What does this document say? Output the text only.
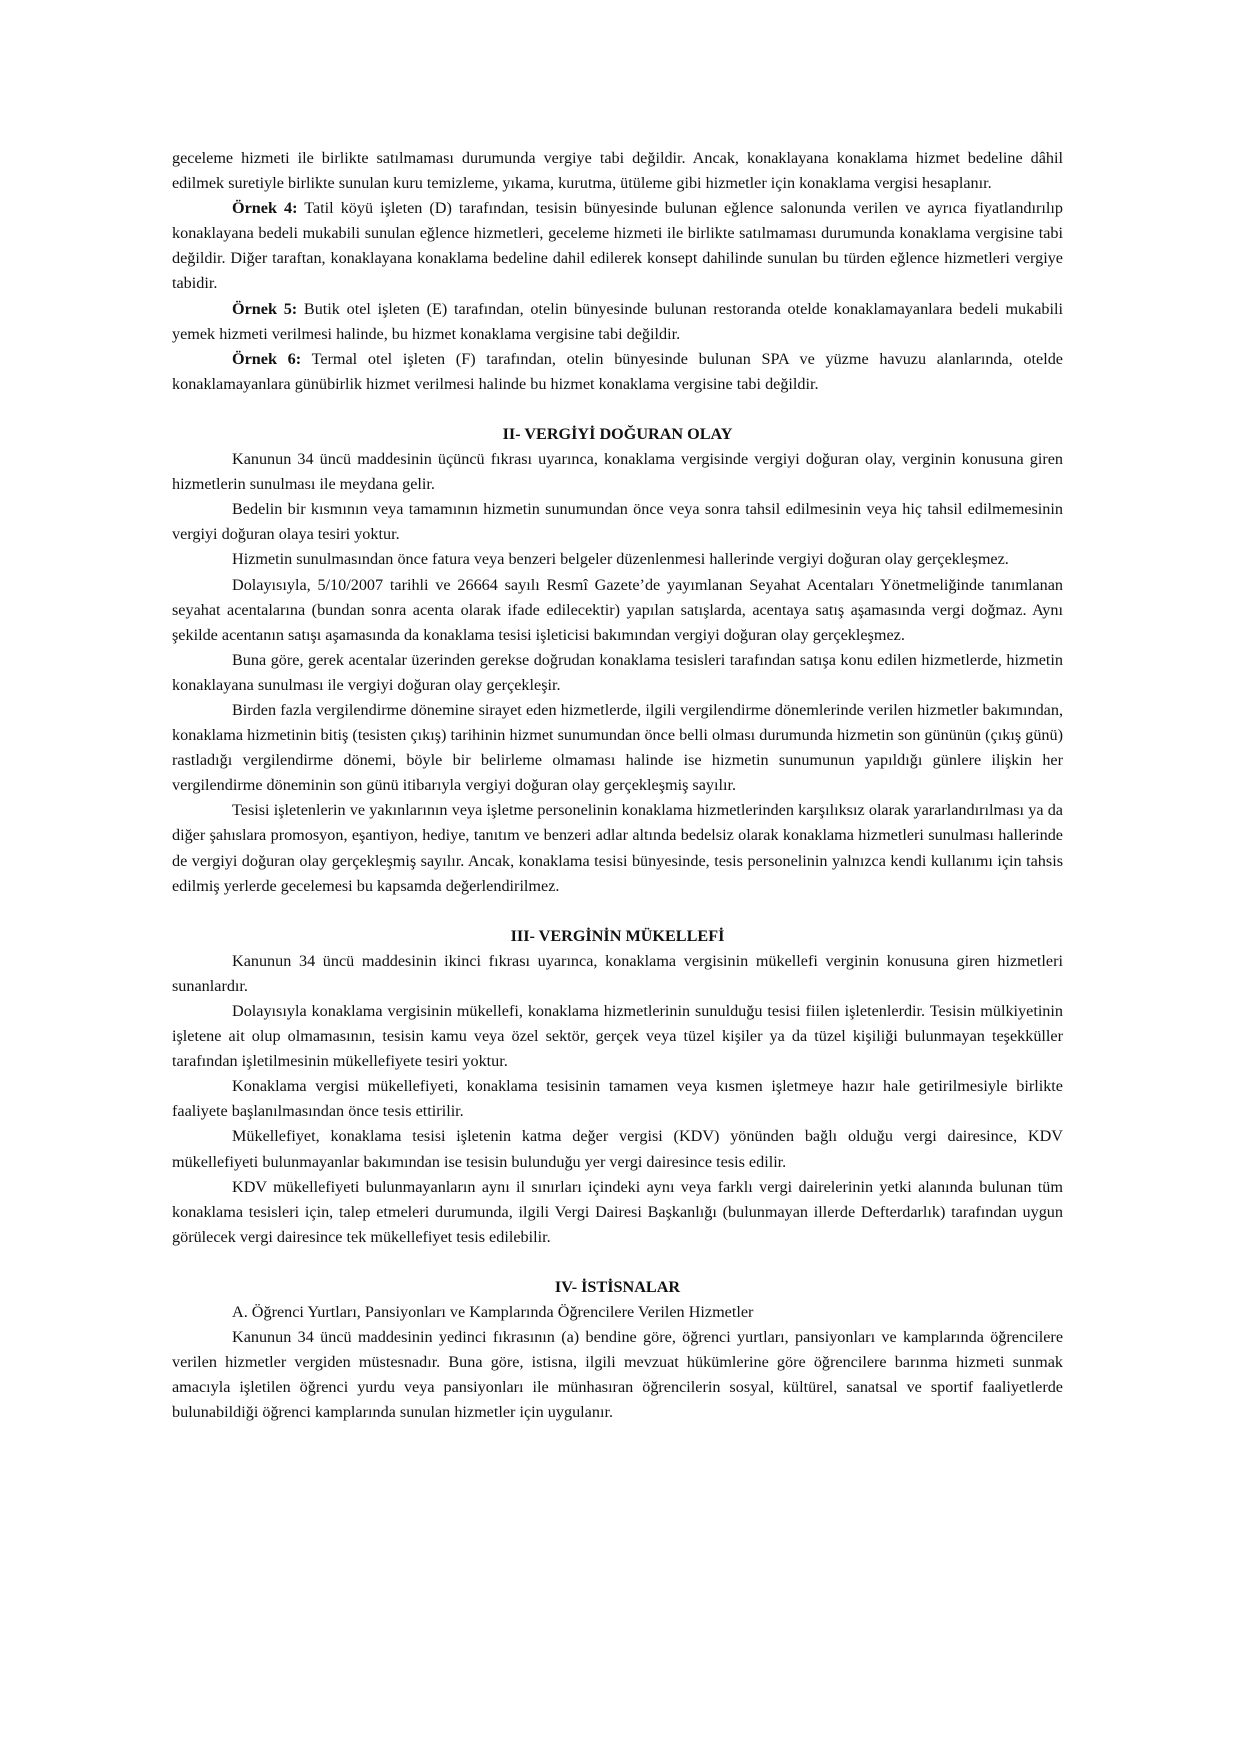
geceleme hizmeti ile birlikte satılmaması durumunda vergiye tabi değildir. Ancak, konaklayana konaklama hizmet bedeline dâhil edilmek suretiyle birlikte sunulan kuru temizleme, yıkama, kurutma, ütüleme gibi hizmetler için konaklama vergisi hesaplanır.

Örnek 4: Tatil köyü işleten (D) tarafından, tesisin bünyesinde bulunan eğlence salonunda verilen ve ayrıca fiyatlandırılıp konaklayana bedeli mukabili sunulan eğlence hizmetleri, geceleme hizmeti ile birlikte satılmaması durumunda konaklama vergisine tabi değildir. Diğer taraftan, konaklayana konaklama bedeline dahil edilerek konsept dahilinde sunulan bu türden eğlence hizmetleri vergiye tabidir.

Örnek 5: Butik otel işleten (E) tarafından, otelin bünyesinde bulunan restoranda otelde konaklamayanlara bedeli mukabili yemek hizmeti verilmesi halinde, bu hizmet konaklama vergisine tabi değildir.

Örnek 6: Termal otel işleten (F) tarafından, otelin bünyesinde bulunan SPA ve yüzme havuzu alanlarında, otelde konaklamayanlara günübirlik hizmet verilmesi halinde bu hizmet konaklama vergisine tabi değildir.

II- VERGİYİ DOĞURAN OLAY

Kanunun 34 üncü maddesinin üçüncü fıkrası uyarınca, konaklama vergisinde vergiyi doğuran olay, verginin konusuna giren hizmetlerin sunulması ile meydana gelir.

Bedelin bir kısmının veya tamamının hizmetin sunumundan önce veya sonra tahsil edilmesinin veya hiç tahsil edilmemesinin vergiyi doğuran olaya tesiri yoktur.

Hizmetin sunulmasından önce fatura veya benzeri belgeler düzenlenmesi hallerinde vergiyi doğuran olay gerçekleşmez.

Dolayısıyla, 5/10/2007 tarihli ve 26664 sayılı Resmî Gazete’de yayımlanan Seyahat Acentaları Yönetmeliğinde tanımlanan seyahat acentalarına (bundan sonra acenta olarak ifade edilecektir) yapılan satışlarda, acentaya satış aşamasında vergi doğmaz. Aynı şekilde acentanın satışı aşamasında da konaklama tesisi işleticisi bakımından vergiyi doğuran olay gerçekleşmez.

Buna göre, gerek acentalar üzerinden gerekse doğrudan konaklama tesisleri tarafından satışa konu edilen hizmetlerde, hizmetin konaklayana sunulması ile vergiyi doğuran olay gerçekleşir.

Birden fazla vergilendirme dönemine sirayet eden hizmetlerde, ilgili vergilendirme dönemlerinde verilen hizmetler bakımından, konaklama hizmetinin bitiş (tesisten çıkış) tarihinin hizmet sunumundan önce belli olması durumunda hizmetin son gününün (çıkış günü) rastladığı vergilendirme dönemi, böyle bir belirleme olmaması halinde ise hizmetin sunumunun yapıldığı günlere ilişkin her vergilendirme döneminin son günü itibarıyla vergiyi doğuran olay gerçekleşmiş sayılır.

Tesisi işletenlerin ve yakınlarının veya işletme personelinin konaklama hizmetlerinden karşılıksız olarak yararlandırılması ya da diğer şahıslara promosyon, eşantiyon, hediye, tanıtım ve benzeri adlar altında bedelsiz olarak konaklama hizmetleri sunulması hallerinde de vergiyi doğuran olay gerçekleşmiş sayılır. Ancak, konaklama tesisi bünyesinde, tesis personelinin yalnızca kendi kullanımı için tahsis edilmiş yerlerde gecelemesi bu kapsamda değerlendirilmez.

III- VERGİNİN MÜKELLEFİ

Kanunun 34 üncü maddesinin ikinci fıkrası uyarınca, konaklama vergisinin mükellefi verginin konusuna giren hizmetleri sunanlardır.

Dolayısıyla konaklama vergisinin mükellefi, konaklama hizmetlerinin sunulduğu tesisi fiilen işletenlerdir. Tesisin mülkiyetinin işletene ait olup olmamasının, tesisin kamu veya özel sektör, gerçek veya tüzel kişiler ya da tüzel kişiliği bulunmayan teşekküller tarafından işletilmesinin mükellefiyete tesiri yoktur.

Konaklama vergisi mükellefiyeti, konaklama tesisinin tamamen veya kısmen işletmeye hazır hale getirilmesiyle birlikte faaliyete başlanılmasından önce tesis ettirilir.

Mükellefiyet, konaklama tesisi işletenin katma değer vergisi (KDV) yönünden bağlı olduğu vergi dairesince, KDV mükellefiyeti bulunmayanlar bakımından ise tesisin bulunduğu yer vergi dairesince tesis edilir.

KDV mükellefiyeti bulunmayanların aynı il sınırları içindeki aynı veya farklı vergi dairelerinin yetki alanında bulunan tüm konaklama tesisleri için, talep etmeleri durumunda, ilgili Vergi Dairesi Başkanlığı (bulunmayan illerde Defterdarlık) tarafından uygun görülecek vergi dairesince tek mükellefiyet tesis edilebilir.

IV- İSTİSNALAR

A. Öğrenci Yurtları, Pansiyonları ve Kamplarında Öğrencilere Verilen Hizmetler

Kanunun 34 üncü maddesinin yedinci fıkrasının (a) bendine göre, öğrenci yurtları, pansiyonları ve kamplarında öğrencilere verilen hizmetler vergiden müstesnadır. Buna göre, istisna, ilgili mevzuat hükümlerine göre öğrencilere barınma hizmeti sunmak amacıyla işletilen öğrenci yurdu veya pansiyonları ile münhasıran öğrencilerin sosyal, kültürel, sanatsal ve sportif faaliyetlerde bulunabildiği öğrenci kamplarında sunulan hizmetler için uygulanır.
